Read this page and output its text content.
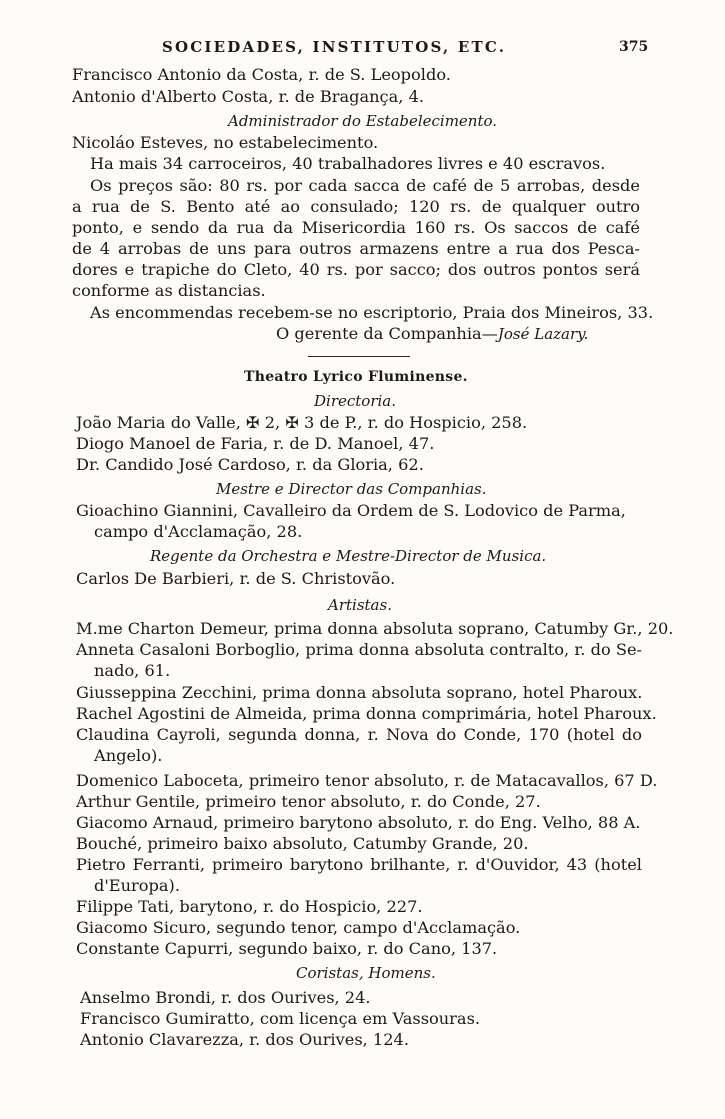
SOCIEDADES, INSTITUTOS, ETC.	375
Francisco Antonio da Costa, r. de S. Leopoldo.
Antonio d'Alberto Costa, r. de Bragança, 4.
Administrador do Estabelecimento.
Nicoláo Esteves, no estabelecimento.
Ha mais 34 carroceiros, 40 trabalhadores livres e 40 escravos.
Os preços são: 80 rs. por cada sacca de café de 5 arrobas, desde
a rua de S. Bento até ao consulado; 120 rs. de qualquer outro
ponto, e sendo da rua da Misericordia 160 rs. Os saccos de café
de 4 arrobas de uns para outros armazens entre a rua dos Pesca-
dores e trapiche do Cleto, 40 rs. por sacco; dos outros pontos será
conforme as distancias.
As encommendas recebem-se no escriptorio, Praia dos Mineiros, 33.
O gerente da Companhia—José Lazary.
Theatro Lyrico Fluminense.
Directoria.
João Maria do Valle, ✠ 2, ✠ 3 de P., r. do Hospicio, 258.
Diogo Manoel de Faria, r. de D. Manoel, 47.
Dr. Candido José Cardoso, r. da Gloria, 62.
Mestre e Director das Companhias.
Gioachino Giannini, Cavalleiro da Ordem de S. Lodovico de Parma,
campo d'Acclamação, 28.
Regente da Orchestra e Mestre-Director de Musica.
Carlos De Barbieri, r. de S. Christovão.
Artistas.
M.me Charton Demeur, prima donna absoluta soprano, Catumby Gr., 20.
Anneta Casaloni Borboglio, prima donna absoluta contralto, r. do Se-
nado, 61.
Giusseppina Zecchini, prima donna absoluta soprano, hotel Pharoux.
Rachel Agostini de Almeida, prima donna comprimária, hotel Pharoux.
Claudina Cayroli, segunda donna, r. Nova do Conde, 170 (hotel do
Angelo).
Domenico Laboceta, primeiro tenor absoluto, r. de Matacavallos, 67 D.
Arthur Gentile, primeiro tenor absoluto, r. do Conde, 27.
Giacomo Arnaud, primeiro barytono absoluto, r. do Eng. Velho, 88 A.
Bouché, primeiro baixo absoluto, Catumby Grande, 20.
Pietro Ferranti, primeiro barytono brilhante, r. d'Ouvidor, 43 (hotel
d'Europa).
Filippe Tati, barytono, r. do Hospicio, 227.
Giacomo Sicuro, segundo tenor, campo d'Acclamação.
Constante Capurri, segundo baixo, r. do Cano, 137.
Coristas, Homens.
Anselmo Brondi, r. dos Ourives, 24.
Francisco Gumiratto, com licença em Vassouras.
Antonio Clavarezza, r. dos Ourives, 124.
